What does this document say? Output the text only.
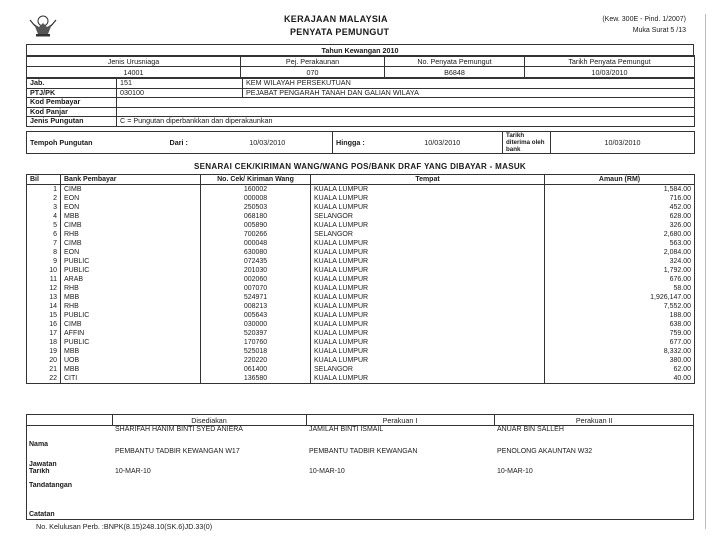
KERAJAAN MALAYSIA
PENYATA PEMUNGUT
(Kew. 300E - Pind. 1/2007)
Muka Surat 5 /13
Tahun Kewangan 2010
Jenis Urusniaga	Pej. Perakaunan	No. Penyata Pemungut	Tarikh Penyata Pemungut
14001	070	B6848	10/03/2010
Jab.	151	KEM WILAYAH PERSEKUTUAN
PTJ/PK	030100	PEJABAT PENGARAH TANAH DAN GALIAN WILAYA
Kod Pembayar		
Kod Panjar		
Jenis Pungutan	C = Pungutan diperbankkan dan diperakaunkan	
Tempoh Pungutan	Dari :	10/03/2010	Hingga :	10/03/2010	Tarikh diterima oleh bank	10/03/2010
SENARAI CEK/KIRIMAN WANG/WANG POS/BANK DRAF YANG DIBAYAR - MASUK
Bil	Bank Pembayar	No. Cek/ Kiriman Wang	Tempat	Amaun (RM)
1	CIMB	160002	KUALA LUMPUR	1,584.00
2	EON	000008	KUALA LUMPUR	716.00
3	EON	250503	KUALA LUMPUR	452.00
4	MBB	068180	SELANGOR	628.00
5	CIMB	005890	KUALA LUMPUR	326.00
6	RHB	700266	SELANGOR	2,680.00
7	CIMB	000048	KUALA LUMPUR	563.00
8	EON	630080	KUALA LUMPUR	2,084.00
9	PUBLIC	072435	KUALA LUMPUR	324.00
10	PUBLIC	201030	KUALA LUMPUR	1,792.00
11	ARAB	002060	KUALA LUMPUR	676.00
12	RHB	007070	KUALA LUMPUR	58.00
13	MBB	524971	KUALA LUMPUR	1,926,147.00
14	RHB	008213	KUALA LUMPUR	7,552.00
15	PUBLIC	005643	KUALA LUMPUR	188.00
16	CIMB	030000	KUALA LUMPUR	638.00
17	AFFIN	520397	KUALA LUMPUR	759.00
18	PUBLIC	170760	KUALA LUMPUR	677.00
19	MBB	525018	KUALA LUMPUR	8,332.00
20	UOB	220220	KUALA LUMPUR	380.00
21	MBB	061400	SELANGOR	62.00
22	CITI	136580	KUALA LUMPUR	40.00
	Disediakan	Perakuan I	Perakuan II
Nama	SHARIFAH HANIM BINTI SYED ANIERA	JAMILAH BINTI ISMAIL	ANUAR BIN SALLEH
Jawatan	PEMBANTU TADBIR KEWANGAN W17	PEMBANTU TADBIR KEWANGAN	PENOLONG AKAUNTAN W32
Tarikh	10-MAR-10	10-MAR-10	10-MAR-10
Tandatangan			
Catatan			
No. Kelulusan Perb. :BNPK(8.15)248.10(SK.6)JD.33(0)
